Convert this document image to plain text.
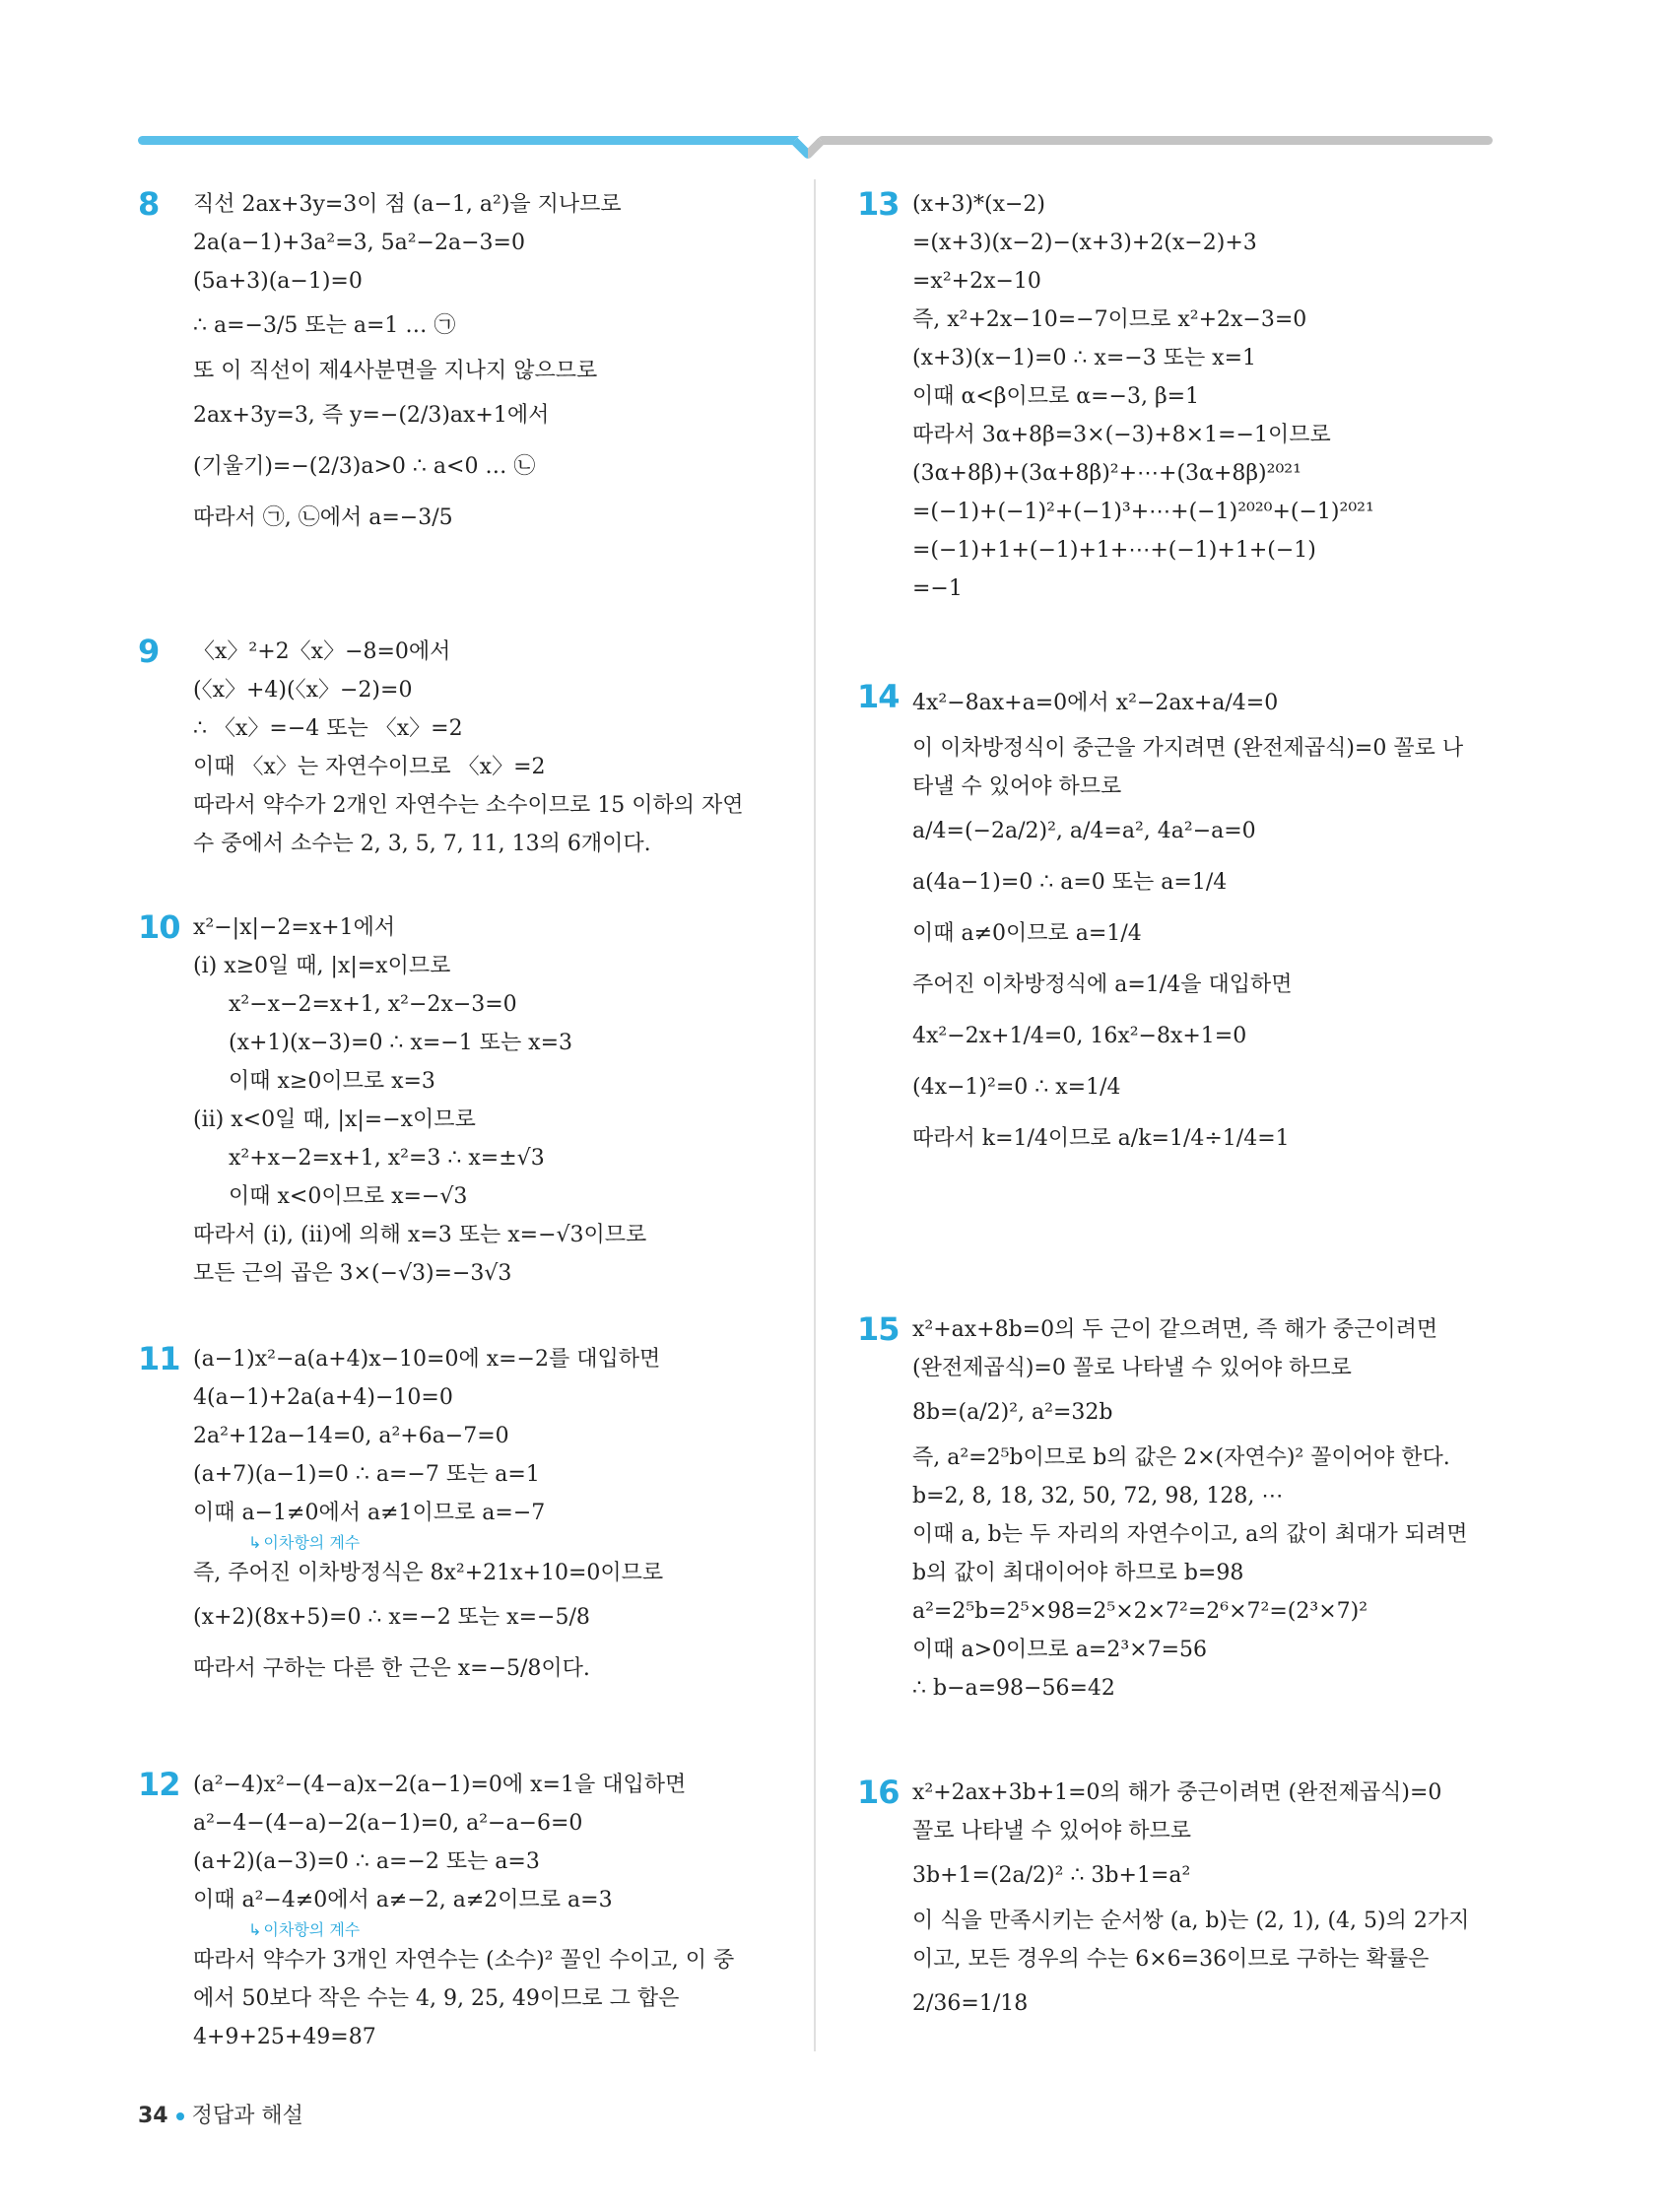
8 직선 2ax+3y=3이 점 (a−1, a²)을 지나므로
2a(a−1)+3a²=3, 5a²−2a−3=0
(5a+3)(a−1)=0
∴ a=−3/5 또는 a=1 … ㉠
또 이 직선이 제4사분면을 지나지 않으므로
2ax+3y=3, 즉 y=−(2/3)ax+1에서
(기울기)=−(2/3)a>0 ∴ a<0 … ㉡
따라서 ㉠, ㉡에서 a=−3/5
9 〈x〉²+2〈x〉−8=0에서
(〈x〉+4)(〈x〉−2)=0
∴ 〈x〉=−4 또는 〈x〉=2
이때 〈x〉는 자연수이므로 〈x〉=2
따라서 약수가 2개인 자연수는 소수이므로 15 이하의 자연
수 중에서 소수는 2, 3, 5, 7, 11, 13의 6개이다.
10 x²−|x|−2=x+1에서
(ⅰ) x≥0일 때, |x|=x이므로
x²−x−2=x+1, x²−2x−3=0
(x+1)(x−3)=0 ∴ x=−1 또는 x=3
이때 x≥0이므로 x=3
(ⅱ) x<0일 때, |x|=−x이므로
x²+x−2=x+1, x²=3 ∴ x=±√3
이때 x<0이므로 x=−√3
따라서 (ⅰ), (ⅱ)에 의해 x=3 또는 x=−√3이므로
모든 근의 곱은 3×(−√3)=−3√3
11 (a−1)x²−a(a+4)x−10=0에 x=−2를 대입하면
4(a−1)+2a(a+4)−10=0
2a²+12a−14=0, a²+6a−7=0
(a+7)(a−1)=0 ∴ a=−7 또는 a=1
이때 a−1≠0에서 a≠1이므로 a=−7
↳ 이차항의 계수
즉, 주어진 이차방정식은 8x²+21x+10=0이므로
(x+2)(8x+5)=0 ∴ x=−2 또는 x=−5/8
따라서 구하는 다른 한 근은 x=−5/8이다.
12 (a²−4)x²−(4−a)x−2(a−1)=0에 x=1을 대입하면
a²−4−(4−a)−2(a−1)=0, a²−a−6=0
(a+2)(a−3)=0 ∴ a=−2 또는 a=3
이때 a²−4≠0에서 a≠−2, a≠2이므로 a=3
↳ 이차항의 계수
따라서 약수가 3개인 자연수는 (소수)² 꼴인 수이고, 이 중
에서 50보다 작은 수는 4, 9, 25, 49이므로 그 합은
4+9+25+49=87
13 (x+3)*(x−2)
=(x+3)(x−2)−(x+3)+2(x−2)+3
=x²+2x−10
즉, x²+2x−10=−7이므로 x²+2x−3=0
(x+3)(x−1)=0 ∴ x=−3 또는 x=1
이때 α<β이므로 α=−3, β=1
따라서 3α+8β=3×(−3)+8×1=−1이므로
(3α+8β)+(3α+8β)²+⋯+(3α+8β)²⁰²¹
=(−1)+(−1)²+(−1)³+⋯+(−1)²⁰²⁰+(−1)²⁰²¹
=(−1)+1+(−1)+1+⋯+(−1)+1+(−1)
=−1
14 4x²−8ax+a=0에서 x²−2ax+a/4=0
이 이차방정식이 중근을 가지려면 (완전제곱식)=0 꼴로 나
타낼 수 있어야 하므로
a/4=(−2a/2)², a/4=a², 4a²−a=0
a(4a−1)=0 ∴ a=0 또는 a=1/4
이때 a≠0이므로 a=1/4
주어진 이차방정식에 a=1/4을 대입하면
4x²−2x+1/4=0, 16x²−8x+1=0
(4x−1)²=0 ∴ x=1/4
따라서 k=1/4이므로 a/k=1/4÷1/4=1
15 x²+ax+8b=0의 두 근이 같으려면, 즉 해가 중근이려면
(완전제곱식)=0 꼴로 나타낼 수 있어야 하므로
8b=(a/2)², a²=32b
즉, a²=2⁵b이므로 b의 값은 2×(자연수)² 꼴이어야 한다.
b=2, 8, 18, 32, 50, 72, 98, 128, ⋯
이때 a, b는 두 자리의 자연수이고, a의 값이 최대가 되려면
b의 값이 최대이어야 하므로 b=98
a²=2⁵b=2⁵×98=2⁵×2×7²=2⁶×7²=(2³×7)²
이때 a>0이므로 a=2³×7=56
∴ b−a=98−56=42
16 x²+2ax+3b+1=0의 해가 중근이려면 (완전제곱식)=0
꼴로 나타낼 수 있어야 하므로
3b+1=(2a/2)² ∴ 3b+1=a²
이 식을 만족시키는 순서쌍 (a, b)는 (2, 1), (4, 5)의 2가지
이고, 모든 경우의 수는 6×6=36이므로 구하는 확률은
2/36=1/18
34 정답과 해설
